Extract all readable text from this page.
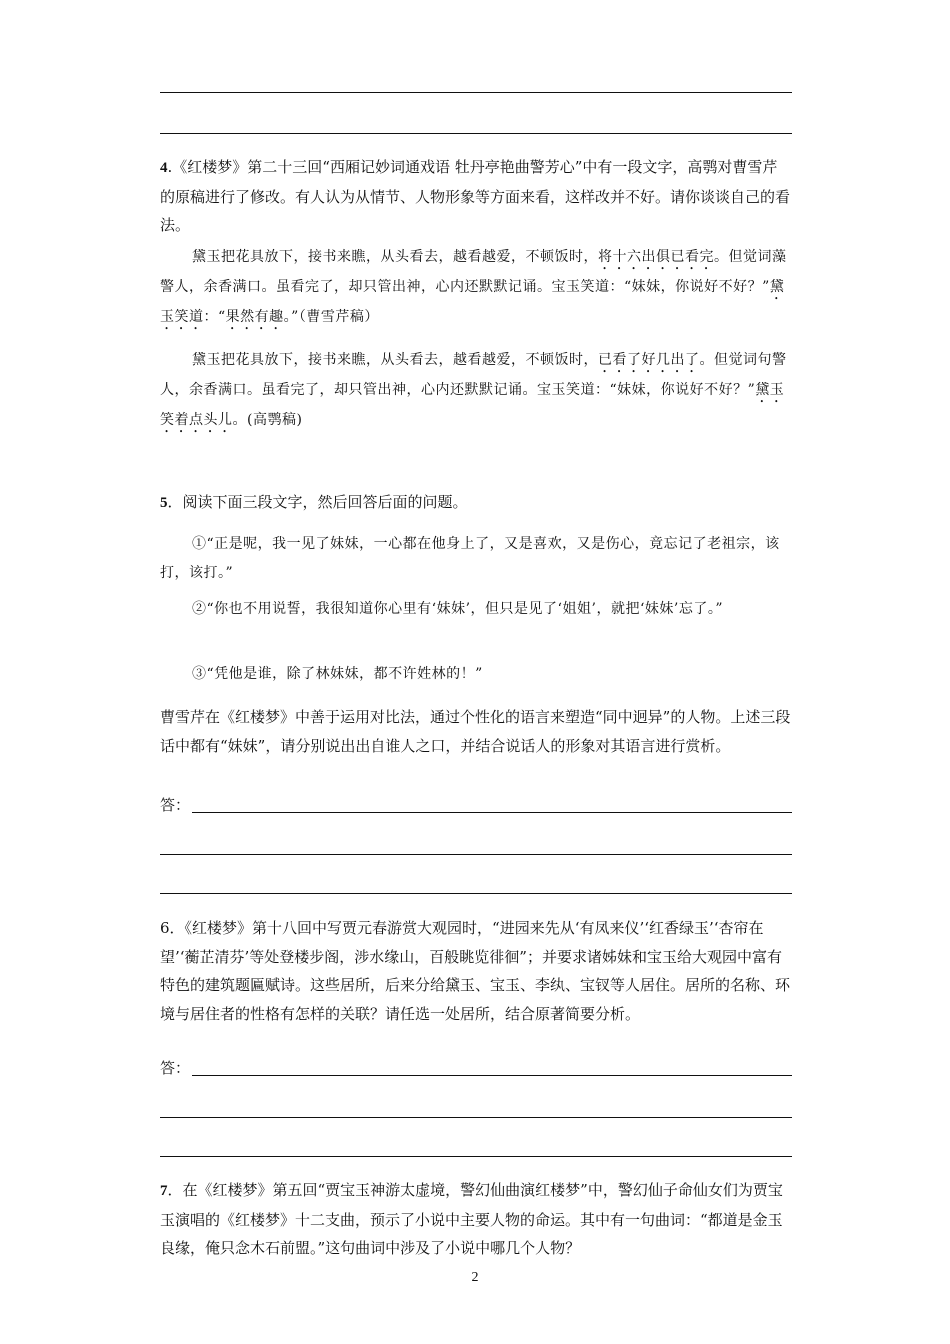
4.《红楼梦》第二十三回“西厢记妙词通戏语 牡丹亭艳曲警芳心”中有一段文字，高鹗对曹雪芹的原稿进行了修改。有人认为从情节、人物形象等方面来看，这样改并不好。请你谈谈自己的看法。

黛玉把花具放下，接书来瞧，从头看去，越看越爱，不顿饭时，将十六出俱已看完。但觉词藻警人，余香满口。虽看完了，却只管出神，心内还默默记诵。宝玉笑道：“妹妹，你说好不好？”黛玉笑道：“果然有趣。”（曹雪芹稿）

黛玉把花具放下，接书来瞧，从头看去，越看越爱，不顿饭时，已看了好几出了。但觉词句警人，余香满口。虽看完了，却只管出神，心内还默默记诵。宝玉笑道：“妹妹，你说好不好？”黛玉笑着点头儿。(高鹗稿)

5．阅读下面三段文字，然后回答后面的问题。

①“正是呢，我一见了妹妹，一心都在他身上了，又是喜欢，又是伤心，竟忘记了老祖宗，该打，该打。”

②“你也不用说誓，我很知道你心里有‘妹妹’，但只是见了‘姐姐’，就把‘妹妹’忘了。”

③“凭他是谁，除了林妹妹，都不许姓林的！”

曹雪芹在《红楼梦》中善于运用对比法，通过个性化的语言来塑造“同中迥异”的人物。上述三段话中都有“妹妹”，请分别说出出自谁人之口，并结合说话人的形象对其语言进行赏析。

答：

6．《红楼梦》第十八回中写贾元春游赏大观园时，“进园来先从‘有凤来仪’‘红香绿玉’‘杏帘在望’‘蘅芷清芬’等处登楼步阁，涉水缘山，百般眺览徘徊”；并要求诸姊妹和宝玉给大观园中富有特色的建筑题匾赋诗。这些居所，后来分给黛玉、宝玉、李纨、宝钗等人居住。居所的名称、环境与居住者的性格有怎样的关联？请任选一处居所，结合原著简要分析。

答：

7．在《红楼梦》第五回“贾宝玉神游太虚境，警幻仙曲演红楼梦”中，警幻仙子命仙女们为贾宝玉演唱的《红楼梦》十二支曲，预示了小说中主要人物的命运。其中有一句曲词：“都道是金玉良缘，俺只念木石前盟。”这句曲词中涉及了小说中哪几个人物？

2
